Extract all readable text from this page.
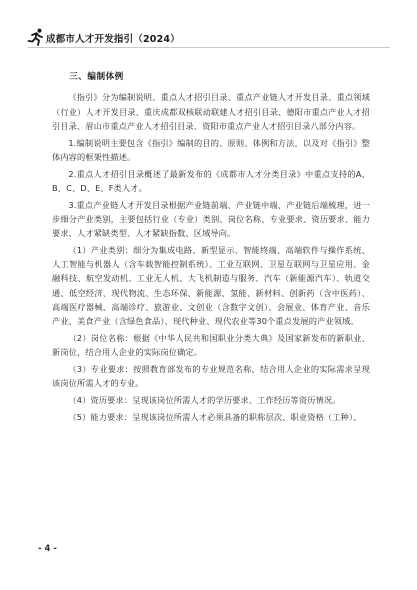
成都市人才开发指引（2024）
三、编制体例

《指引》分为编制说明、重点人才招引目录、重点产业链人才开发目录、重点领域（行业）人才开发目录、重庆成都双核联动联建人才招引目录、德阳市重点产业人才招引目录、眉山市重点产业人才招引目录、资阳市重点产业人才招引目录八部分内容。

1.编制说明主要包含《指引》编制的目的、原则、体例和方法，以及对《指引》整体内容的框架性描述。

2.重点人才招引目录概述了最新发布的《成都市人才分类目录》中重点支持的A、B、C、D、E、F类人才。

3.重点产业链人才开发目录根据产业链前端、产业链中端、产业链后端梳理，进一步细分产业类别，主要包括行业（专业）类别、岗位名称、专业要求、资历要求、能力要求、人才紧缺类型、人才紧缺指数、区域导向。

（1）产业类别：细分为集成电路、新型显示、智能终端、高端软件与操作系统、人工智能与机器人（含车载智能控制系统）、工业互联网、卫星互联网与卫星应用、金融科技、航空发动机、工业无人机、大飞机制造与服务、汽车（新能源汽车）、轨道交通、低空经济、现代物流、生态环保、新能源、氢能、新材料、创新药（含中医药）、高端医疗器械、高端诊疗、旅游业、文创业（含数字文创）、会展业、体育产业、音乐产业、美食产业（含绿色食品）、现代种业、现代农业等30个重点发展的产业领域。

（2）岗位名称：根据《中华人民共和国职业分类大典》及国家新发布的新职业、新岗位，结合用人企业的实际岗位确定。

（3）专业要求：按照教育部发布的专业规范名称，结合用人企业的实际需求呈现该岗位所需人才的专业。

（4）资历要求：呈现该岗位所需人才的学历要求、工作经历等资历情况。

（5）能力要求：呈现该岗位所需人才必须具备的职称层次、职业资格（工种）、

- 4 -
